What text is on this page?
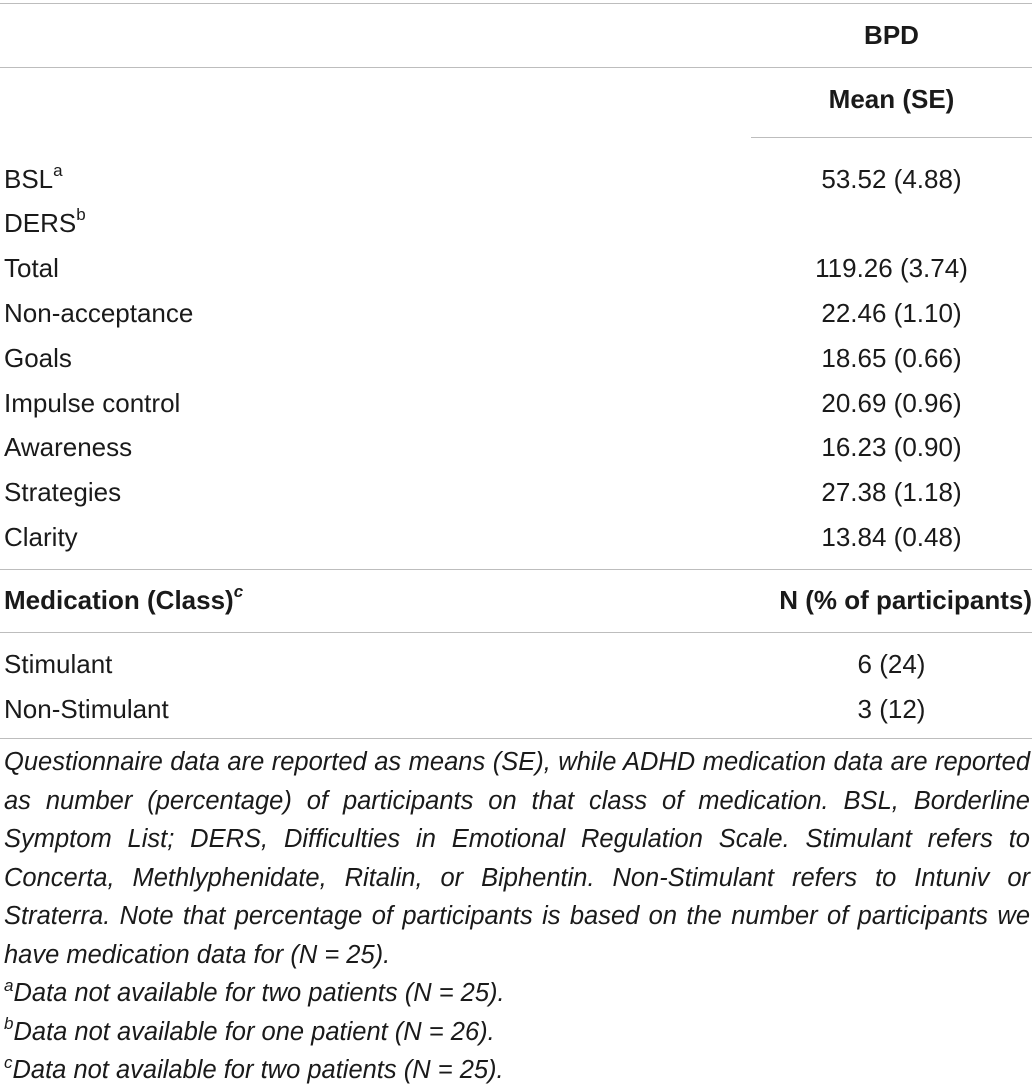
BPD
Mean (SE)
BSL$^a$	53.52 (4.88)
DERS$^b$
Total	119.26 (3.74)
Non-acceptance	22.46 (1.10)
Goals	18.65 (0.66)
Impulse control	20.69 (0.96)
Awareness	16.23 (0.90)
Strategies	27.38 (1.18)
Clarity	13.84 (0.48)
Medication (Class)$^c$	N (% of participants)
Stimulant	6 (24)
Non-Stimulant	3 (12)

Questionnaire data are reported as means (SE), while ADHD medication data are reported as number (percentage) of participants on that class of medication. BSL, Borderline Symptom List; DERS, Difficulties in Emotional Regulation Scale. Stimulant refers to Concerta, Methlyphenidate, Ritalin, or Biphentin. Non-Stimulant refers to Intuniv or Straterra. Note that percentage of participants is based on the number of participants we have medication data for (N = 25).

$^a$Data not available for two patients (N = 25).

$^b$Data not available for one patient (N = 26).

$^c$Data not available for two patients (N = 25).
